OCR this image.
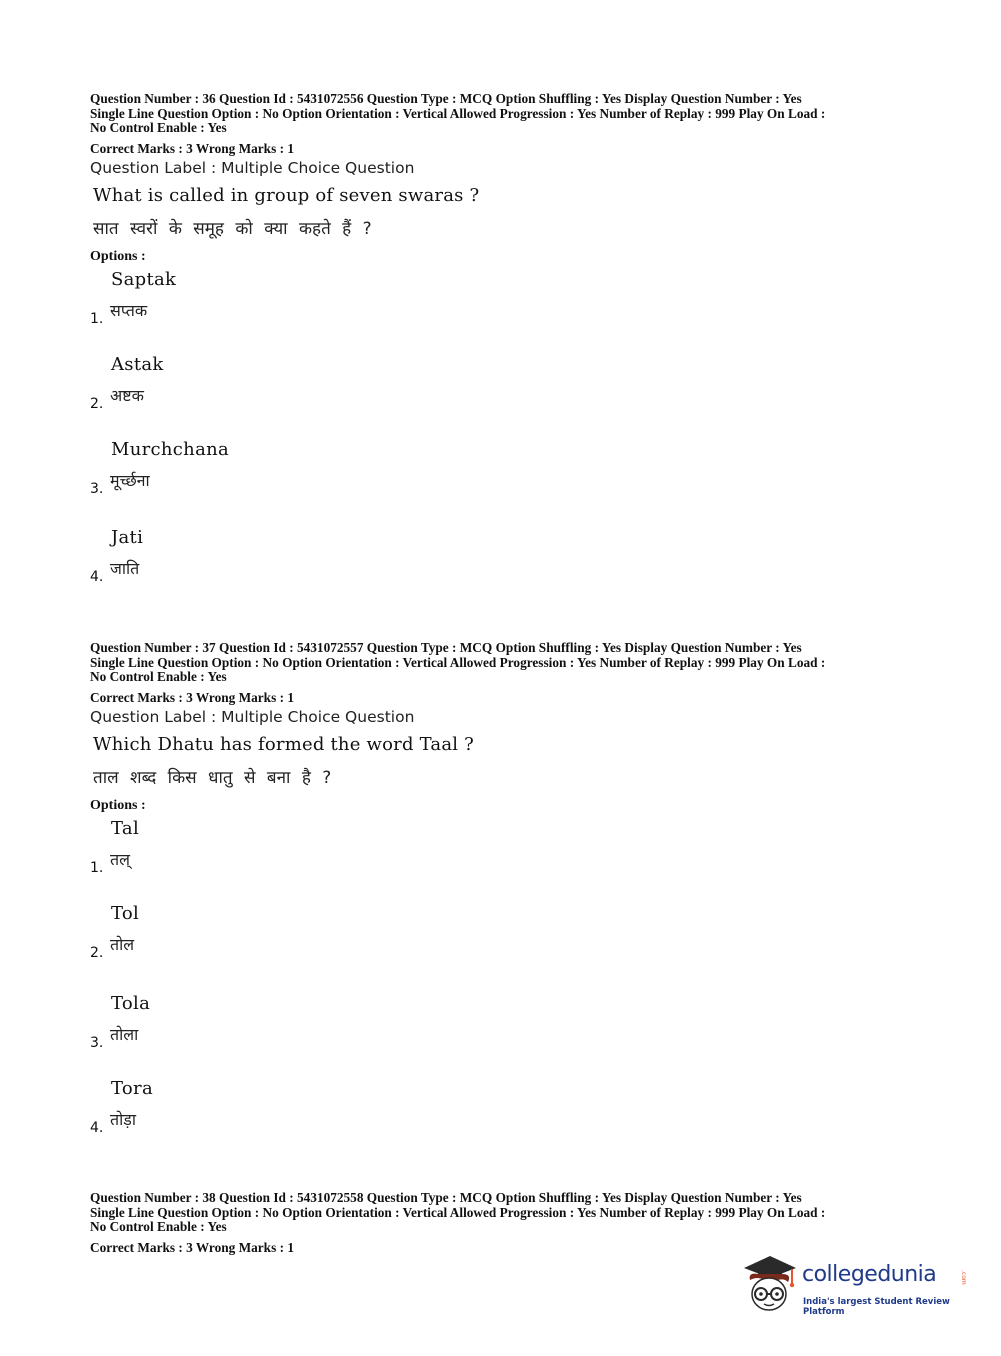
Question Number : 36 Question Id : 5431072556 Question Type : MCQ Option Shuffling : Yes Display Question Number : Yes

Single Line Question Option : No Option Orientation : Vertical Allowed Progression : Yes Number of Replay : 999 Play On Load :

No Control Enable : Yes

Correct Marks : 3 Wrong Marks : 1
Question Label : Multiple Choice Question
What is called in group of seven swaras ?
सात स्वरों के समूह को क्या कहते हैं ?
Options :
Saptak
सप्तक
1.
Astak
अष्टक
2.
Murchchana
मूर्च्छना
3.
Jati
जाति
4.

Question Number : 37 Question Id : 5431072557 Question Type : MCQ Option Shuffling : Yes Display Question Number : Yes

Single Line Question Option : No Option Orientation : Vertical Allowed Progression : Yes Number of Replay : 999 Play On Load :

No Control Enable : Yes

Correct Marks : 3 Wrong Marks : 1
Question Label : Multiple Choice Question
Which Dhatu has formed the word Taal ?
ताल शब्द किस धातु से बना है ?
Options :
Tal
तल्
1.
Tol
तोल
2.
Tola
तोला
3.
Tora
तोड़ा
4.

Question Number : 38 Question Id : 5431072558 Question Type : MCQ Option Shuffling : Yes Display Question Number : Yes

Single Line Question Option : No Option Orientation : Vertical Allowed Progression : Yes Number of Replay : 999 Play On Load :

No Control Enable : Yes

Correct Marks : 3 Wrong Marks : 1
collegedunia	.com
India's largest Student Review Platform
